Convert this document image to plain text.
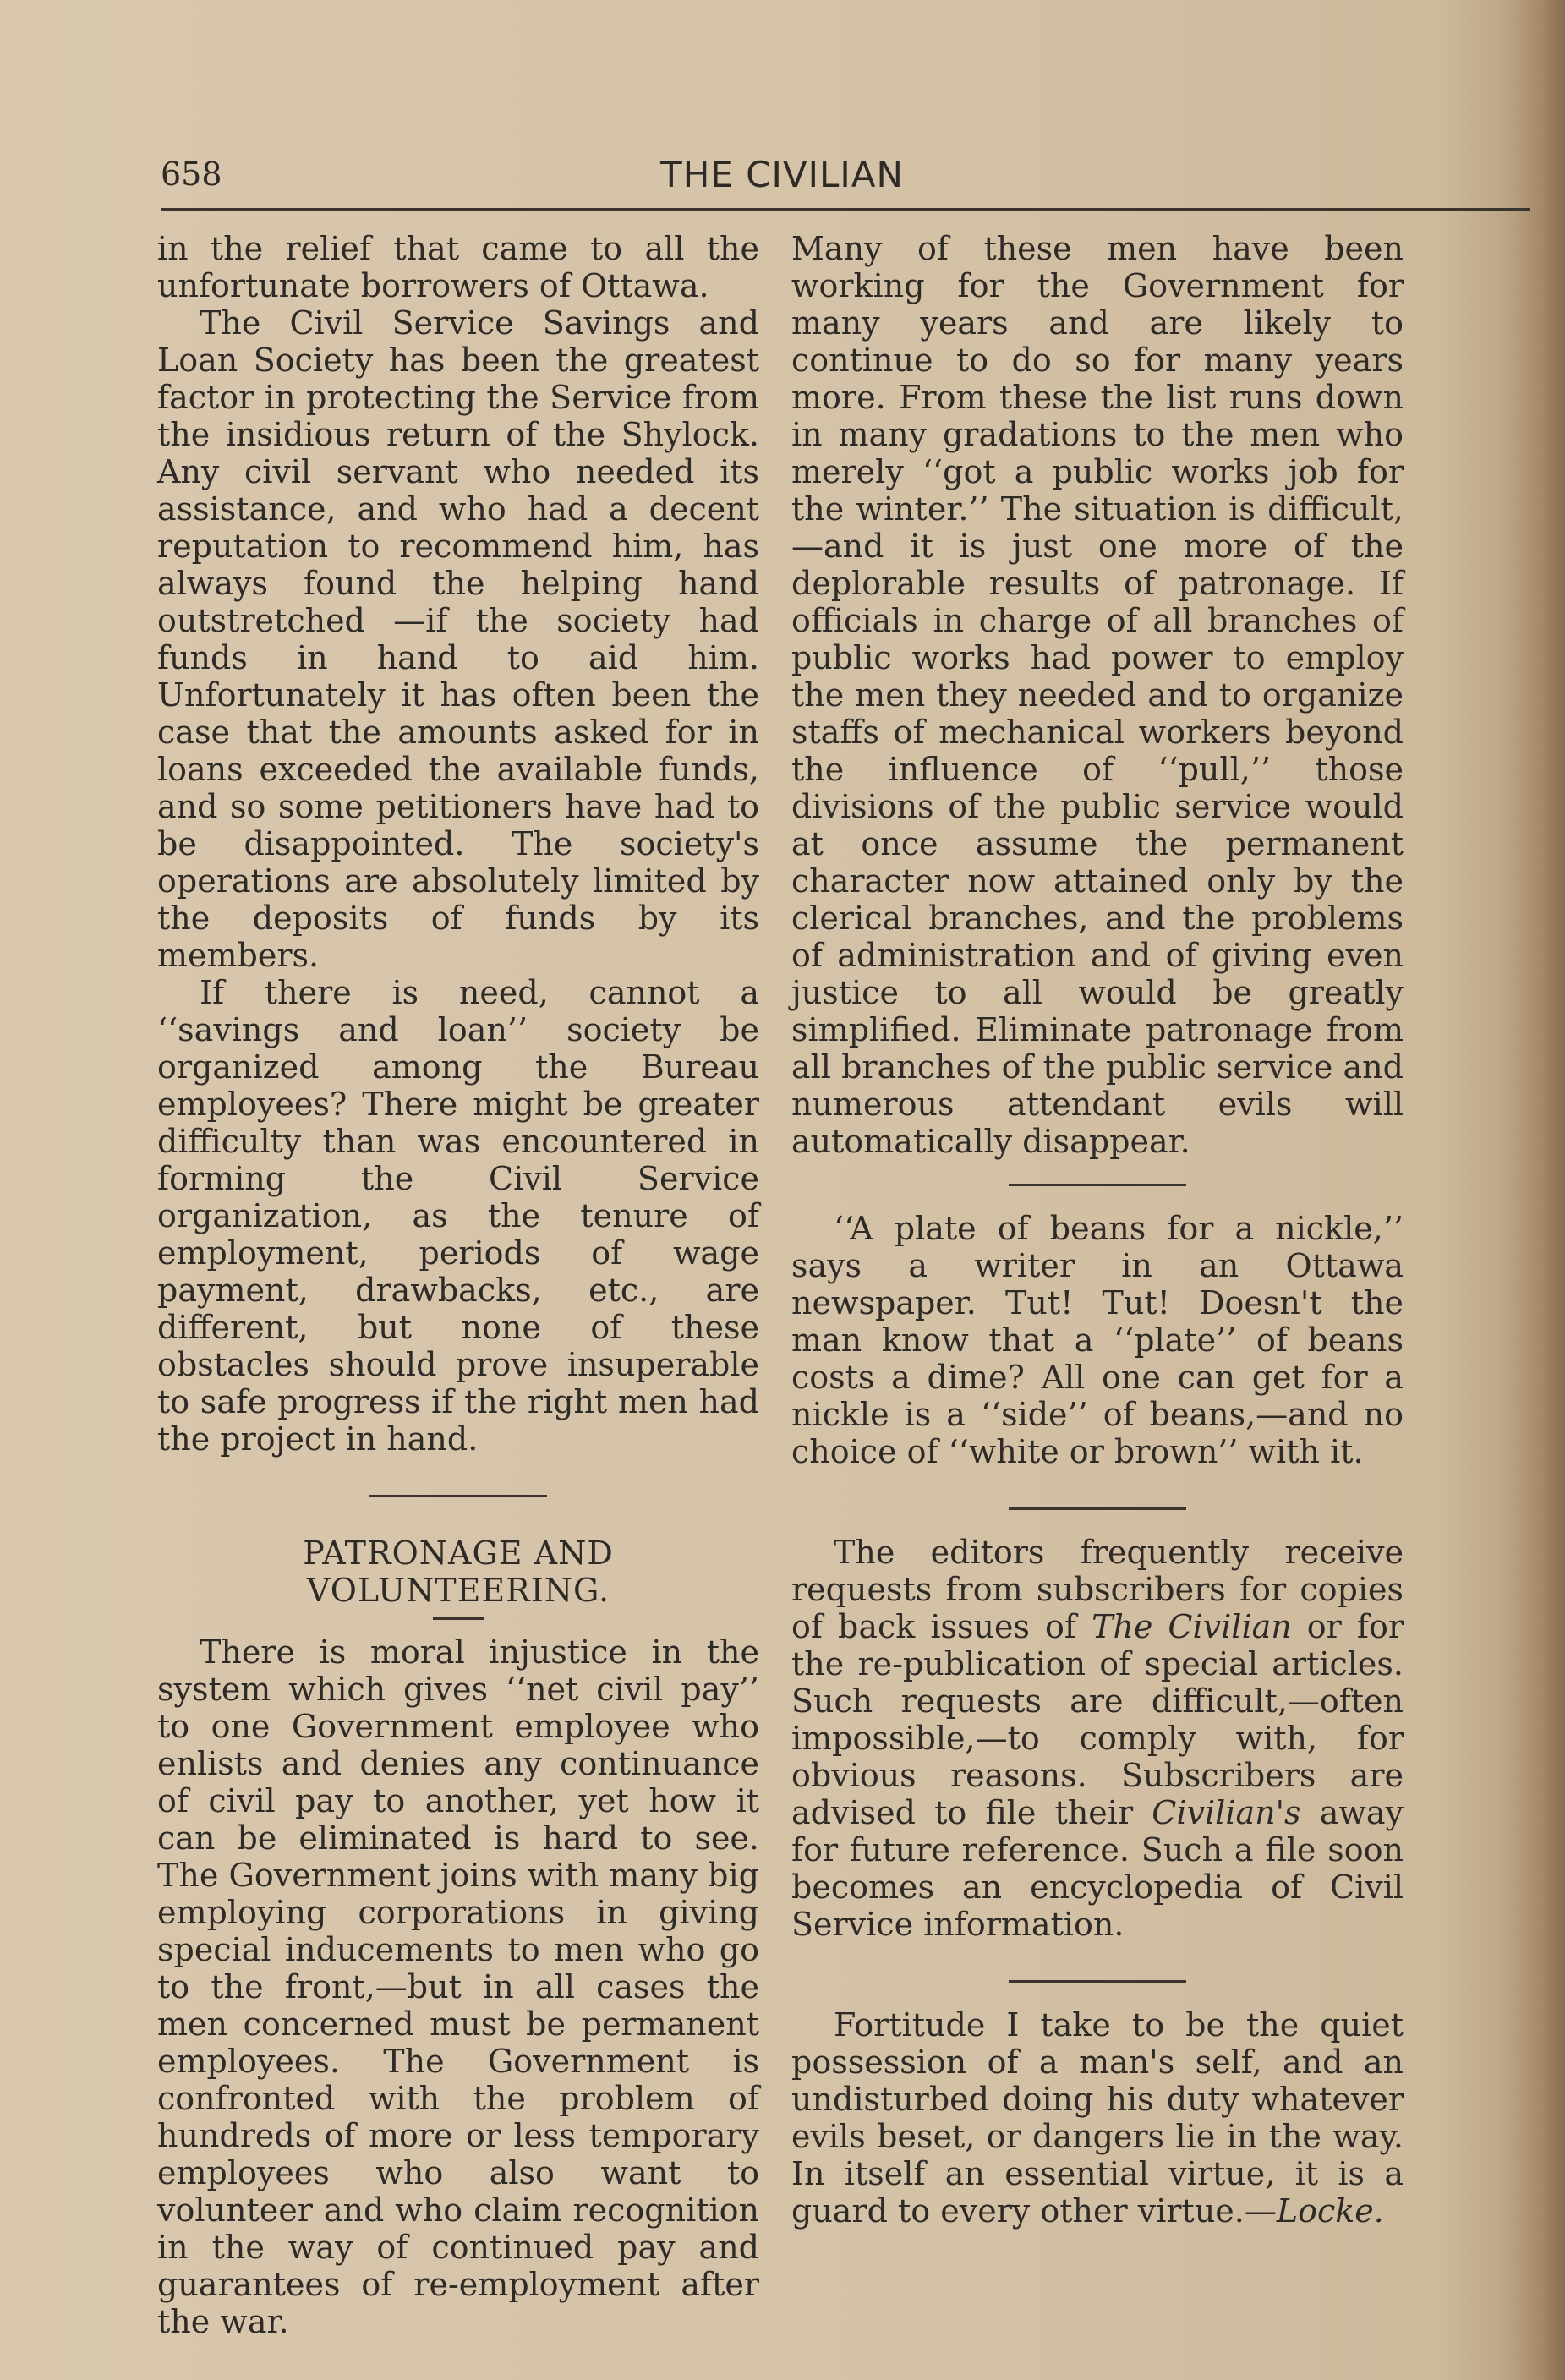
658	THE CIVILIAN

in the relief that came to all the unfortunate borrowers of Ottawa.

The Civil Service Savings and Loan Society has been the greatest factor in protecting the Service from the insidious return of the Shylock. Any civil servant who needed its assistance, and who had a decent reputation to recommend him, has always found the helping hand outstretched —if the society had funds in hand to aid him. Unfortunately it has often been the case that the amounts asked for in loans exceeded the available funds, and so some petitioners have had to be disappointed. The society's operations are absolutely limited by the deposits of funds by its members.

If there is need, cannot a ‘‘savings and loan’’ society be organized among the Bureau employees? There might be greater difficulty than was encountered in forming the Civil Service organization, as the tenure of employment, periods of wage payment, drawbacks, etc., are different, but none of these obstacles should prove insuperable to safe progress if the right men had the project in hand.

PATRONAGE AND VOLUNTEERING.

There is moral injustice in the system which gives ‘‘net civil pay’’ to one Government employee who enlists and denies any continuance of civil pay to another, yet how it can be eliminated is hard to see. The Government joins with many big employing corporations in giving special inducements to men who go to the front,—but in all cases the men concerned must be permanent employees. The Government is confronted with the problem of hundreds of more or less temporary employees who also want to volunteer and who claim recognition in the way of continued pay and guarantees of re-employment after the war.

Many of these men have been working for the Government for many years and are likely to continue to do so for many years more. From these the list runs down in many gradations to the men who merely ‘‘got a public works job for the winter.’’ The situation is difficult,—and it is just one more of the deplorable results of patronage. If officials in charge of all branches of public works had power to employ the men they needed and to organize staffs of mechanical workers beyond the influence of ‘‘pull,’’ those divisions of the public service would at once assume the permanent character now attained only by the clerical branches, and the problems of administration and of giving even justice to all would be greatly simplified. Eliminate patronage from all branches of the public service and numerous attendant evils will automatically disappear.

‘‘A plate of beans for a nickle,’’ says a writer in an Ottawa newspaper. Tut! Tut! Doesn't the man know that a ‘‘plate’’ of beans costs a dime? All one can get for a nickle is a ‘‘side’’ of beans,—and no choice of ‘‘white or brown’’ with it.

The editors frequently receive requests from subscribers for copies of back issues of The Civilian or for the re-publication of special articles. Such requests are difficult,—often impossible,—to comply with, for obvious reasons. Subscribers are advised to file their Civilian's away for future reference. Such a file soon becomes an encyclopedia of Civil Service information.

Fortitude I take to be the quiet possession of a man's self, and an undisturbed doing his duty whatever evils beset, or dangers lie in the way. In itself an essential virtue, it is a guard to every other virtue.—Locke.
